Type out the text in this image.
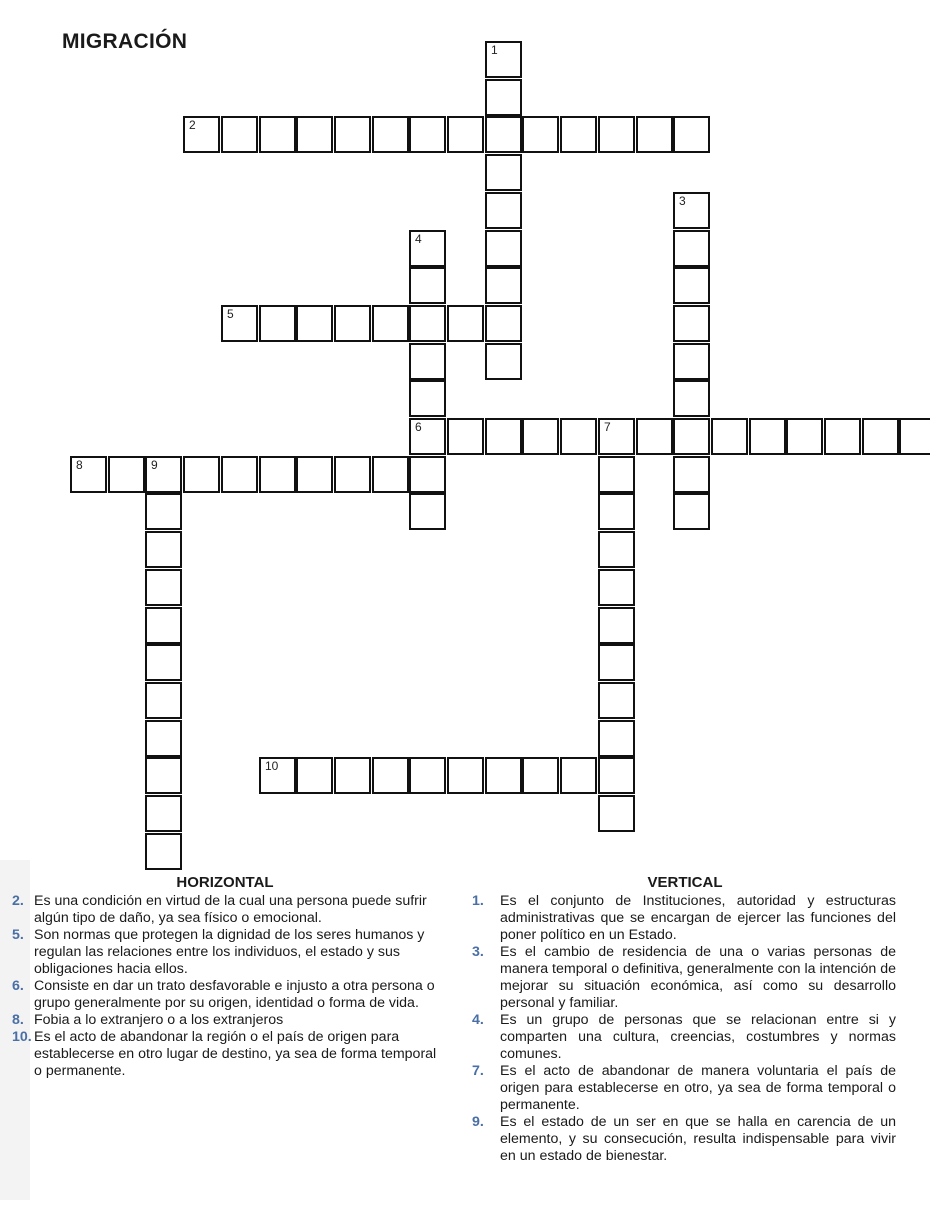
MIGRACIÓN	1
2
3
4
6
5
7
8	9
10
HORIZONTAL	VERTICAL
2. Es una condición en virtud de la cual una persona puede sufrir algún tipo de daño, ya sea físico o emocional.
5. Son normas que protegen la dignidad de los seres humanos y regulan las relaciones entre los individuos, el estado y sus obligaciones hacia ellos.
6. Consiste en dar un trato desfavorable e injusto a otra persona o grupo generalmente por su origen, identidad o forma de vida.
8. Fobia a lo extranjero o a los extranjeros
10. Es el acto de abandonar la región o el país de origen para establecerse en otro lugar de destino, ya sea de forma temporal o permanente.
1. Es el conjunto de Instituciones, autoridad y estructuras administrativas que se encargan de ejercer las funciones del poner político en un Estado.
3. Es el cambio de residencia de una o varias personas de manera temporal o definitiva, generalmente con la intención de mejorar su situación económica, así como su desarrollo personal y familiar.
4. Es un grupo de personas que se relacionan entre si y comparten una cultura, creencias, costumbres y normas comunes.
7. Es el acto de abandonar de manera voluntaria el país de origen para establecerse en otro, ya sea de forma temporal o permanente.
9. Es el estado de un ser en que se halla en carencia de un elemento, y su consecución, resulta indispensable para vivir en un estado de bienestar.
